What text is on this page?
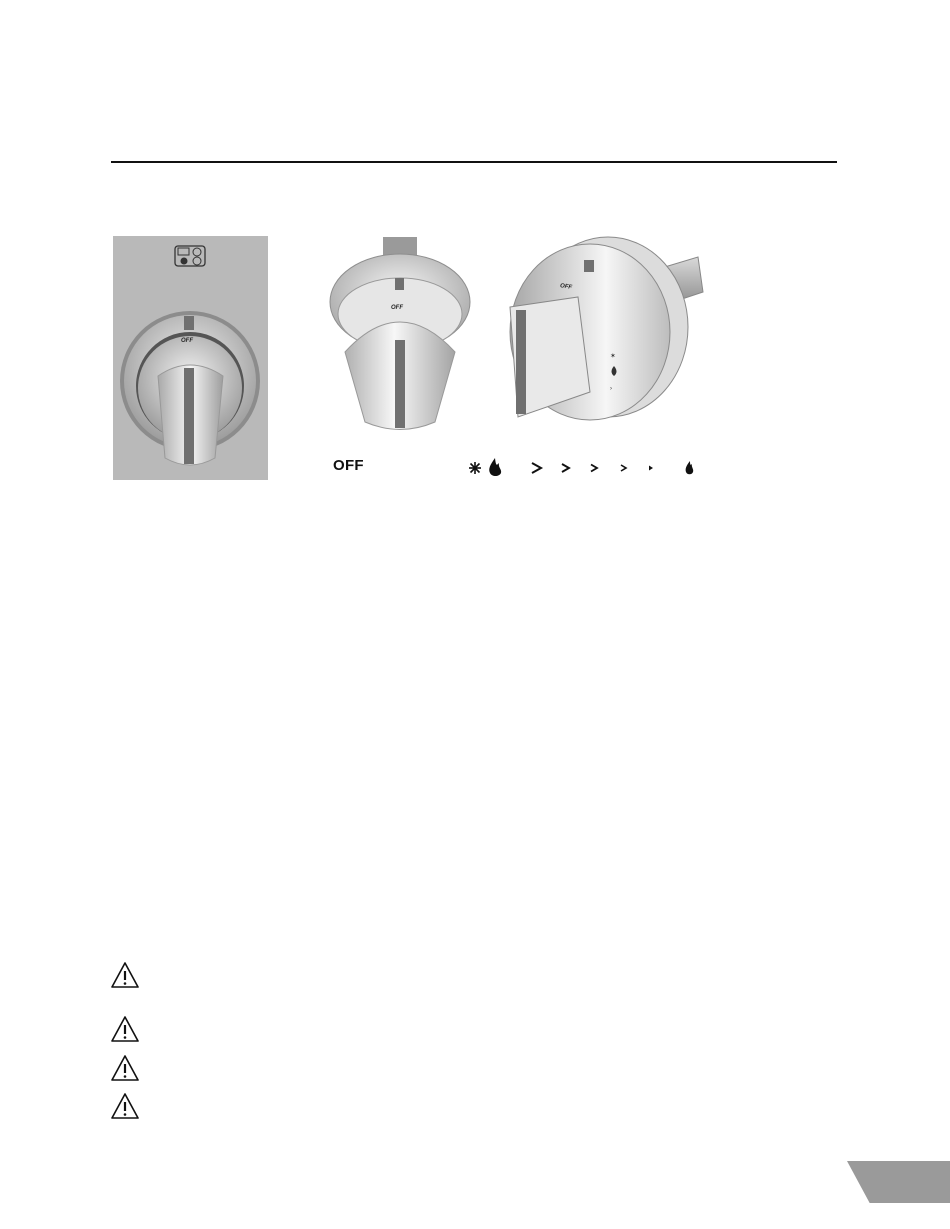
OFF
OFF
✶
›
OFF
OFF
